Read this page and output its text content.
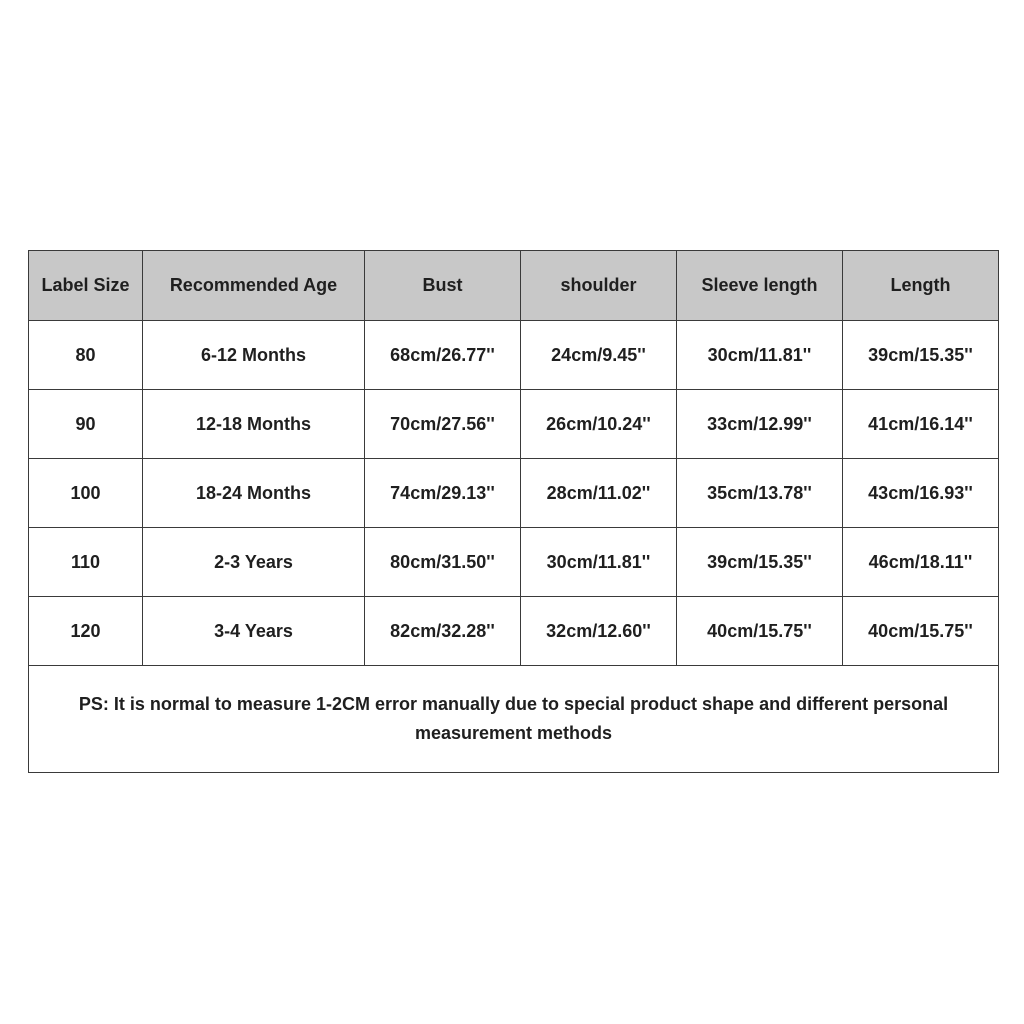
Label Size	Recommended Age	Bust	shoulder	Sleeve length	Length
80	6-12 Months	68cm/26.77''	24cm/9.45''	30cm/11.81''	39cm/15.35''
90	12-18 Months	70cm/27.56''	26cm/10.24''	33cm/12.99''	41cm/16.14''
100	18-24 Months	74cm/29.13''	28cm/11.02''	35cm/13.78''	43cm/16.93''
110	2-3 Years	80cm/31.50''	30cm/11.81''	39cm/15.35''	46cm/18.11''
120	3-4 Years	82cm/32.28''	32cm/12.60''	40cm/15.75''	40cm/15.75''
PS: It is normal to measure 1-2CM error manually due to special product shape and different personal measurement methods					
